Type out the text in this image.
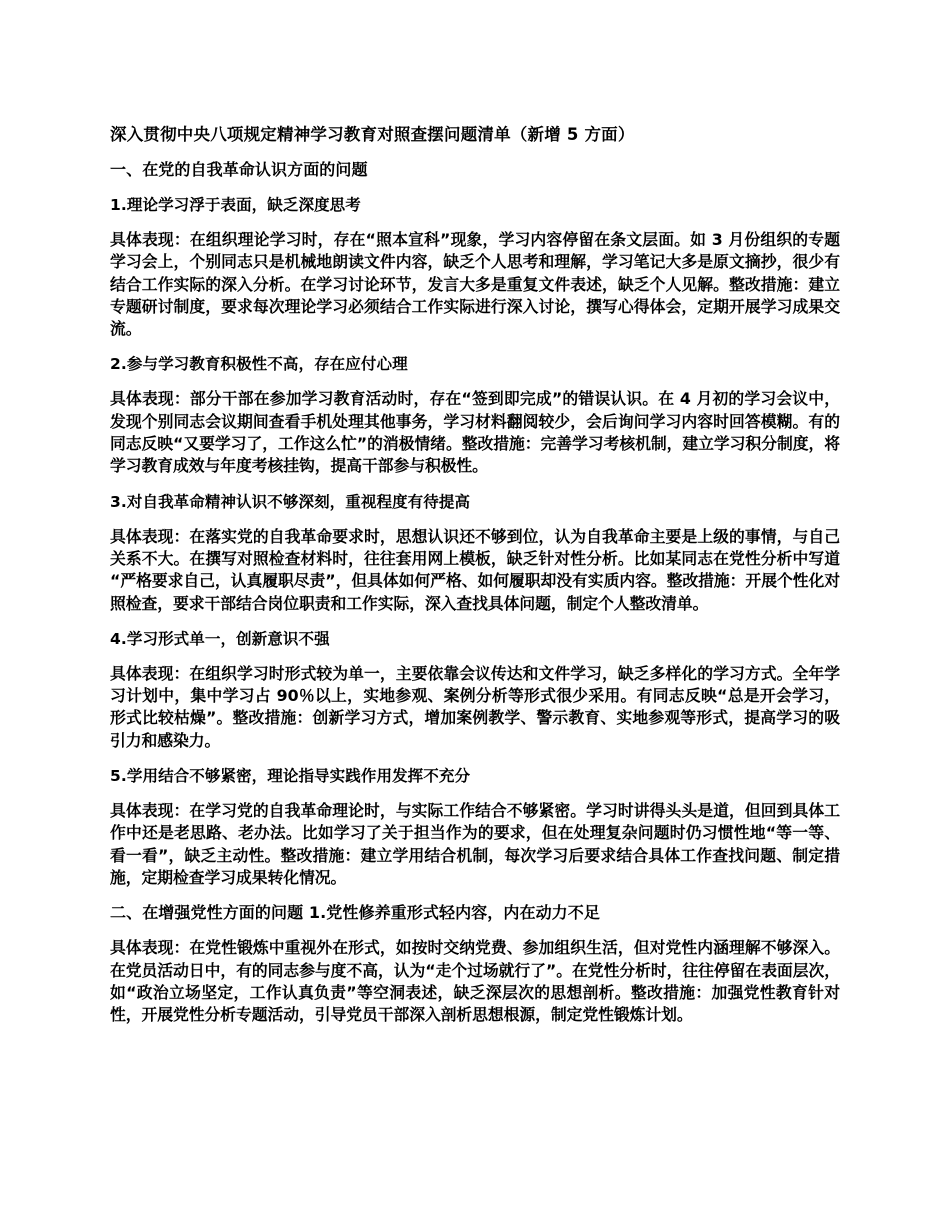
深入贯彻中央八项规定精神学习教育对照查摆问题清单（新增 5 方面）

一、在党的自我革命认识方面的问题

1.理论学习浮于表面，缺乏深度思考

具体表现：在组织理论学习时，存在“照本宣科”现象，学习内容停留在条文层面。如 3 月份组织的专题学习会上，个别同志只是机械地朗读文件内容，缺乏个人思考和理解，学习笔记大多是原文摘抄，很少有结合工作实际的深入分析。在学习讨论环节，发言大多是重复文件表述，缺乏个人见解。整改措施：建立专题研讨制度，要求每次理论学习必须结合工作实际进行深入讨论，撰写心得体会，定期开展学习成果交流。

2.参与学习教育积极性不高，存在应付心理

具体表现：部分干部在参加学习教育活动时，存在“签到即完成”的错误认识。在 4 月初的学习会议中，发现个别同志会议期间查看手机处理其他事务，学习材料翻阅较少，会后询问学习内容时回答模糊。有的同志反映“又要学习了，工作这么忙”的消极情绪。整改措施：完善学习考核机制，建立学习积分制度，将学习教育成效与年度考核挂钩，提高干部参与积极性。

3.对自我革命精神认识不够深刻，重视程度有待提高

具体表现：在落实党的自我革命要求时，思想认识还不够到位，认为自我革命主要是上级的事情，与自己关系不大。在撰写对照检查材料时，往往套用网上模板，缺乏针对性分析。比如某同志在党性分析中写道“严格要求自己，认真履职尽责”，但具体如何严格、如何履职却没有实质内容。整改措施：开展个性化对照检查，要求干部结合岗位职责和工作实际，深入查找具体问题，制定个人整改清单。

4.学习形式单一，创新意识不强

具体表现：在组织学习时形式较为单一，主要依靠会议传达和文件学习，缺乏多样化的学习方式。全年学习计划中，集中学习占 90％以上，实地参观、案例分析等形式很少采用。有同志反映“总是开会学习，形式比较枯燥”。整改措施：创新学习方式，增加案例教学、警示教育、实地参观等形式，提高学习的吸引力和感染力。

5.学用结合不够紧密，理论指导实践作用发挥不充分

具体表现：在学习党的自我革命理论时，与实际工作结合不够紧密。学习时讲得头头是道，但回到具体工作中还是老思路、老办法。比如学习了关于担当作为的要求，但在处理复杂问题时仍习惯性地“等一等、看一看”，缺乏主动性。整改措施：建立学用结合机制，每次学习后要求结合具体工作查找问题、制定措施，定期检查学习成果转化情况。

二、在增强党性方面的问题 1.党性修养重形式轻内容，内在动力不足

具体表现：在党性锻炼中重视外在形式，如按时交纳党费、参加组织生活，但对党性内涵理解不够深入。在党员活动日中，有的同志参与度不高，认为“走个过场就行了”。在党性分析时，往往停留在表面层次，如“政治立场坚定，工作认真负责”等空洞表述，缺乏深层次的思想剖析。整改措施：加强党性教育针对性，开展党性分析专题活动，引导党员干部深入剖析思想根源，制定党性锻炼计划。
